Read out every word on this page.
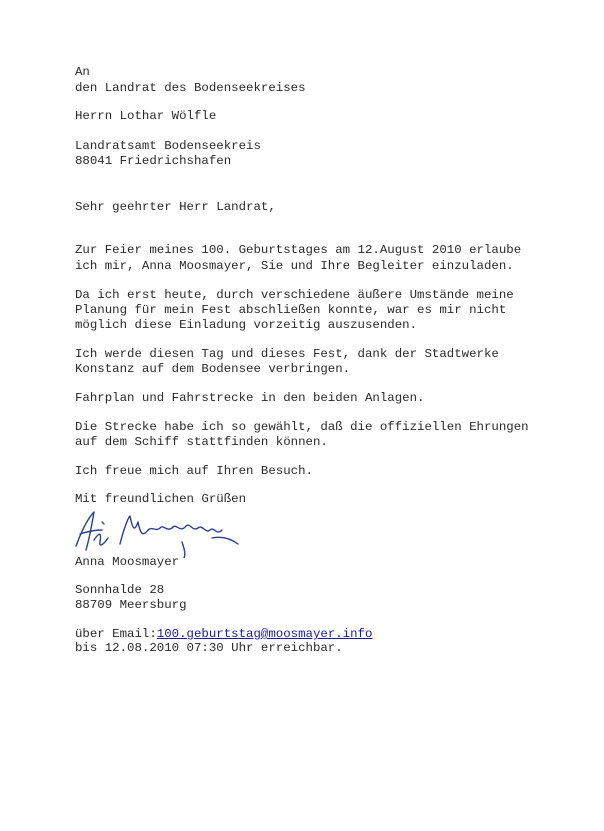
An

den Landrat des Bodenseekreises

Herrn Lothar Wölfle

Landratsamt Bodenseekreis

88041 Friedrichshafen

Sehr geehrter Herr Landrat,

Zur Feier meines 100. Geburtstages am 12.August 2010 erlaube

ich mir, Anna Moosmayer, Sie und Ihre Begleiter einzuladen.

Da ich erst heute, durch verschiedene äußere Umstände meine

Planung für mein Fest abschließen konnte, war es mir nicht

möglich diese Einladung vorzeitig auszusenden.

Ich werde diesen Tag und dieses Fest, dank der Stadtwerke

Konstanz auf dem Bodensee verbringen.

Fahrplan und Fahrstrecke in den beiden Anlagen.

Die Strecke habe ich so gewählt, daß die offiziellen Ehrungen

auf dem Schiff stattfinden können.

Ich freue mich auf Ihren Besuch.

Mit freundlichen Grüßen

Anna Moosmayer

Sonnhalde 28

88709 Meersburg

über Email:100.geburtstag@moosmayer.info

bis 12.08.2010 07:30 Uhr erreichbar.
